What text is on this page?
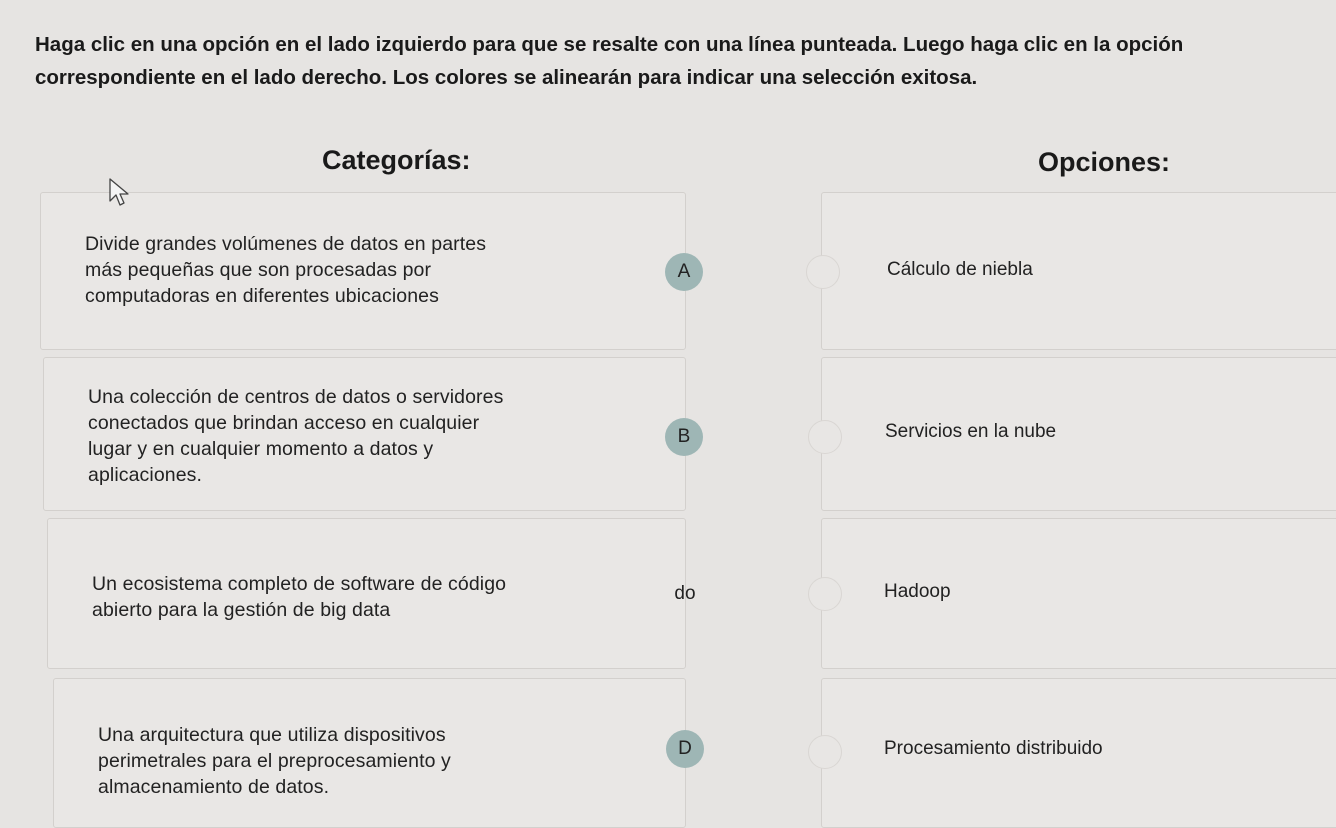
Haga clic en una opción en el lado izquierdo para que se resalte con una línea punteada. Luego haga clic en la opción correspondiente en el lado derecho. Los colores se alinearán para indicar una selección exitosa.
Categorías:	Opciones:
Divide grandes volúmenes de datos en partes
más pequeñas que son procesadas por
computadoras en diferentes ubicaciones
A
Una colección de centros de datos o servidores
conectados que brindan acceso en cualquier
lugar y en cualquier momento a datos y
aplicaciones.
B
Un ecosistema completo de software de código
abierto para la gestión de big data
do
Una arquitectura que utiliza dispositivos
perimetrales para el preprocesamiento y
almacenamiento de datos.
D
Cálculo de niebla
Servicios en la nube
Hadoop
Procesamiento distribuido
